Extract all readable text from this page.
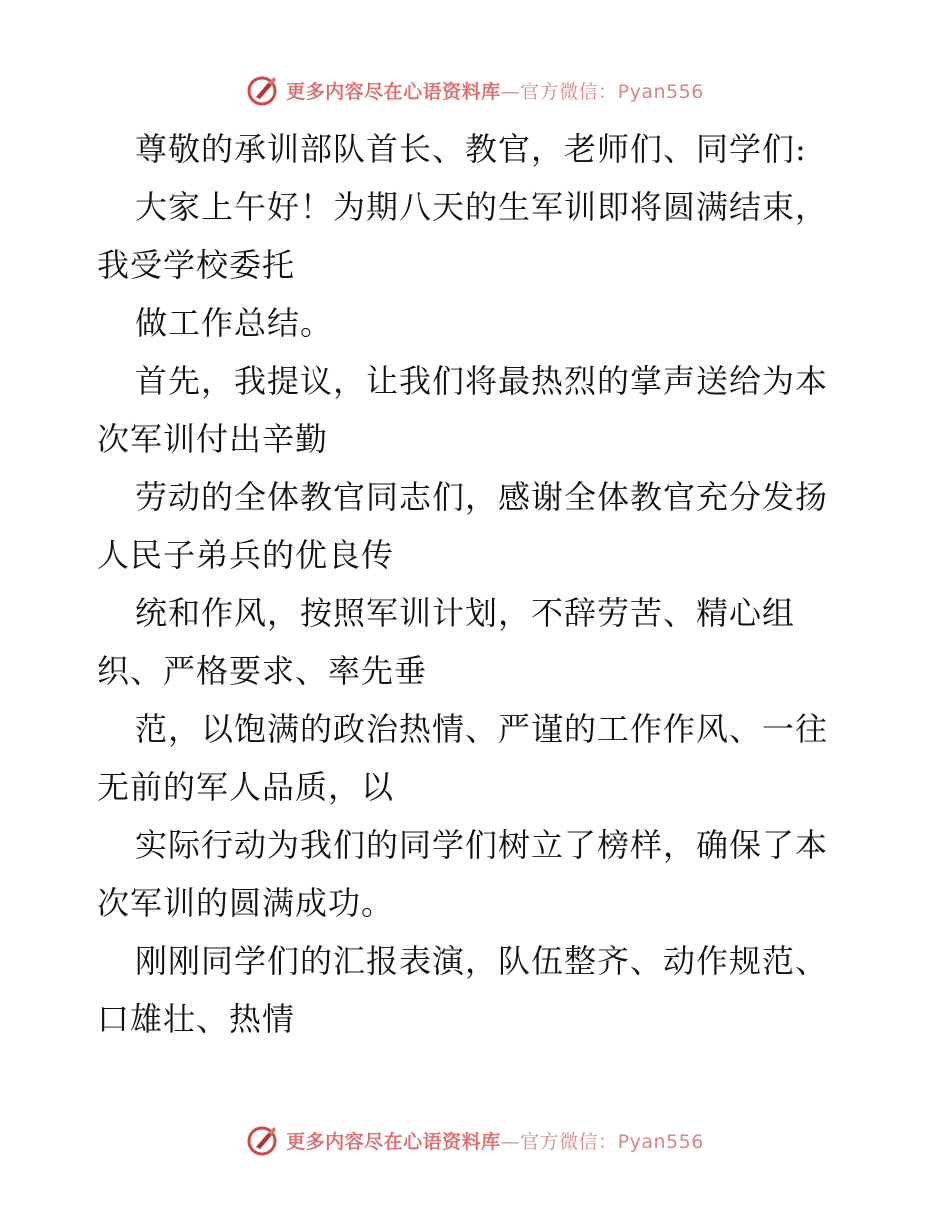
更多内容尽在心语资料库—官方微信：Pyan556
尊敬的承训部队首长、教官，老师们、同学们:
大家上午好！为期八天的生军训即将圆满结束，
我受学校委托
做工作总结。
首先，我提议，让我们将最热烈的掌声送给为本
次军训付出辛勤
劳动的全体教官同志们，感谢全体教官充分发扬
人民子弟兵的优良传
统和作风，按照军训计划，不辞劳苦、精心组
织、严格要求、率先垂
范，以饱满的政治热情、严谨的工作作风、一往
无前的军人品质，以
实际行动为我们的同学们树立了榜样，确保了本
次军训的圆满成功。
刚刚同学们的汇报表演，队伍整齐、动作规范、
口雄壮、热情
更多内容尽在心语资料库—官方微信：Pyan556
